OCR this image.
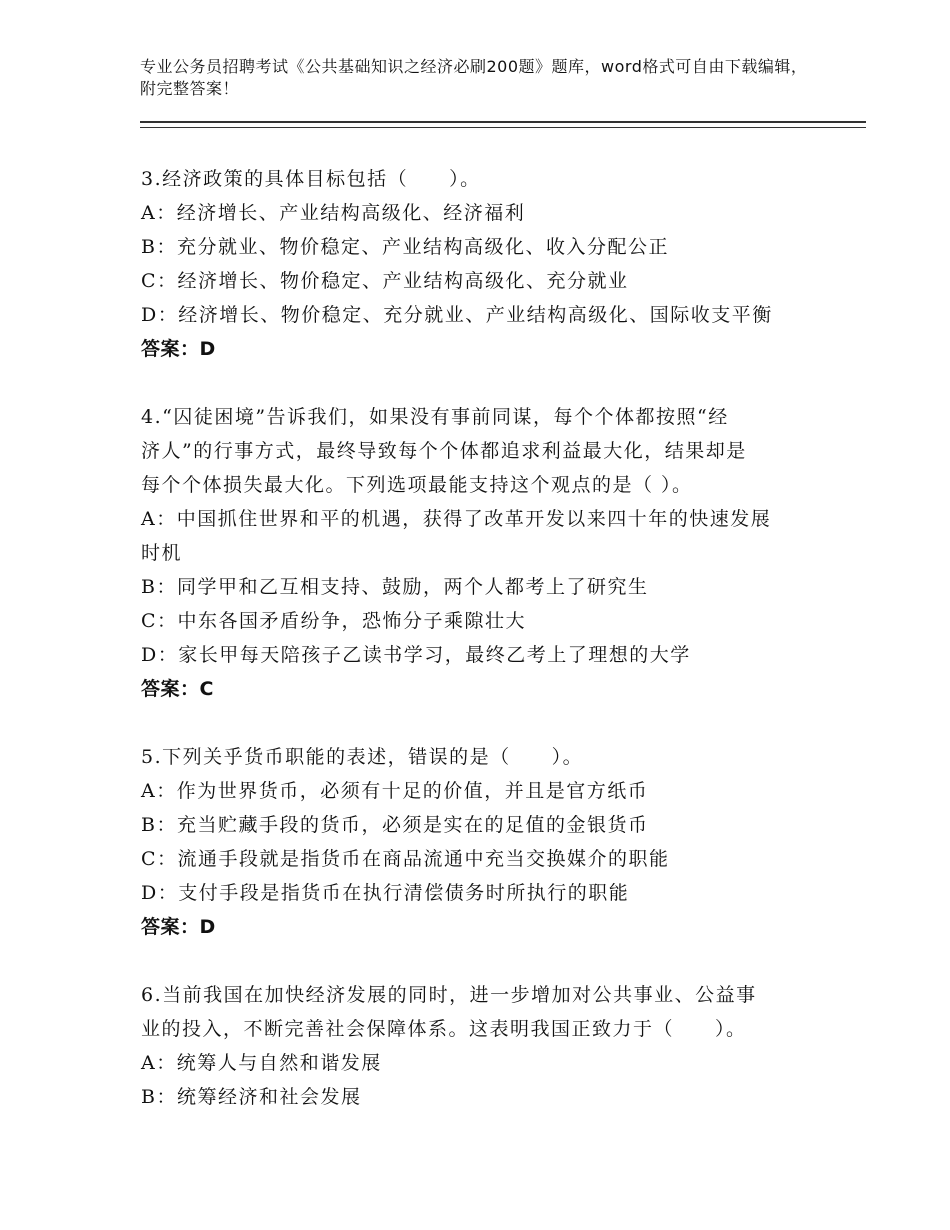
专业公务员招聘考试《公共基础知识之经济必刷200题》题库，word格式可自由下载编辑，附完整答案！
3.经济政策的具体目标包括（　　）。
A：经济增长、产业结构高级化、经济福利
B：充分就业、物价稳定、产业结构高级化、收入分配公正
C：经济增长、物价稳定、产业结构高级化、充分就业
D：经济增长、物价稳定、充分就业、产业结构高级化、国际收支平衡
答案：D
4.“囚徒困境”告诉我们，如果没有事前同谋，每个个体都按照“经
济人”的行事方式，最终导致每个个体都追求利益最大化，结果却是
每个个体损失最大化。下列选项最能支持这个观点的是（ ）。
A：中国抓住世界和平的机遇，获得了改革开发以来四十年的快速发展
时机
B：同学甲和乙互相支持、鼓励，两个人都考上了研究生
C：中东各国矛盾纷争，恐怖分子乘隙壮大
D：家长甲每天陪孩子乙读书学习，最终乙考上了理想的大学
答案：C
5.下列关乎货币职能的表述，错误的是（　　）。
A：作为世界货币，必须有十足的价值，并且是官方纸币
B：充当贮藏手段的货币，必须是实在的足值的金银货币
C：流通手段就是指货币在商品流通中充当交换媒介的职能
D：支付手段是指货币在执行清偿债务时所执行的职能
答案：D
6.当前我国在加快经济发展的同时，进一步增加对公共事业、公益事
业的投入，不断完善社会保障体系。这表明我国正致力于（　　）。
A：统筹人与自然和谐发展
B：统筹经济和社会发展
